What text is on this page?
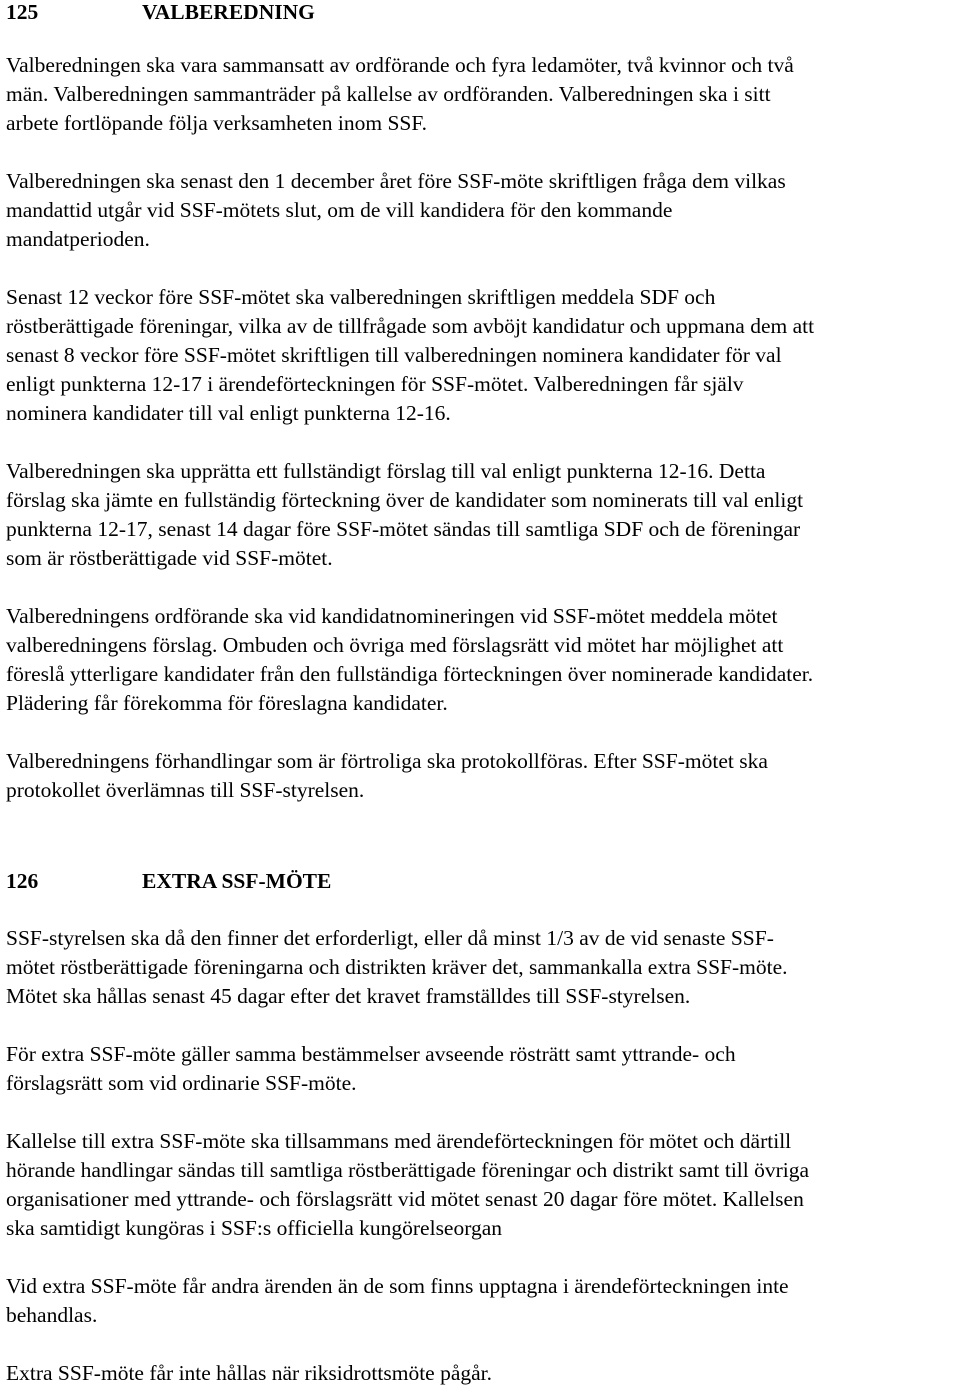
125	VALBEREDNING
Valberedningen ska vara sammansatt av ordförande och fyra ledamöter, två kvinnor och två
män. Valberedningen sammanträder på kallelse av ordföranden. Valberedningen ska i sitt
arbete fortlöpande följa verksamheten inom SSF.
Valberedningen ska senast den 1 december året före SSF-möte skriftligen fråga dem vilkas
mandattid utgår vid SSF-mötets slut, om de vill kandidera för den kommande
mandatperioden.
Senast 12 veckor före SSF-mötet ska valberedningen skriftligen meddela SDF och
röstberättigade föreningar, vilka av de tillfrågade som avböjt kandidatur och uppmana dem att
senast 8 veckor före SSF-mötet skriftligen till valberedningen nominera kandidater för val
enligt punkterna 12-17 i ärendeförteckningen för SSF-mötet. Valberedningen får själv
nominera kandidater till val enligt punkterna 12-16.
Valberedningen ska upprätta ett fullständigt förslag till val enligt punkterna 12-16. Detta
förslag ska jämte en fullständig förteckning över de kandidater som nominerats till val enligt
punkterna 12-17, senast 14 dagar före SSF-mötet sändas till samtliga SDF och de föreningar
som är röstberättigade vid SSF-mötet.
Valberedningens ordförande ska vid kandidatnomineringen vid SSF-mötet meddela mötet
valberedningens förslag. Ombuden och övriga med förslagsrätt vid mötet har möjlighet att
föreslå ytterligare kandidater från den fullständiga förteckningen över nominerade kandidater.
Plädering får förekomma för föreslagna kandidater.
Valberedningens förhandlingar som är förtroliga ska protokollföras. Efter SSF-mötet ska
protokollet överlämnas till SSF-styrelsen.
126	EXTRA SSF-MÖTE
SSF-styrelsen ska då den finner det erforderligt, eller då minst 1/3 av de vid senaste SSF-
mötet röstberättigade föreningarna och distrikten kräver det, sammankalla extra SSF-möte.
Mötet ska hållas senast 45 dagar efter det kravet framställdes till SSF-styrelsen.
För extra SSF-möte gäller samma bestämmelser avseende rösträtt samt yttrande- och
förslagsrätt som vid ordinarie SSF-möte.
Kallelse till extra SSF-möte ska tillsammans med ärendeförteckningen för mötet och därtill
hörande handlingar sändas till samtliga röstberättigade föreningar och distrikt samt till övriga
organisationer med yttrande- och förslagsrätt vid mötet senast 20 dagar före mötet. Kallelsen
ska samtidigt kungöras i SSF:s officiella kungörelseorgan
Vid extra SSF-möte får andra ärenden än de som finns upptagna i ärendeförteckningen inte
behandlas.
Extra SSF-möte får inte hållas när riksidrottsmöte pågår.
